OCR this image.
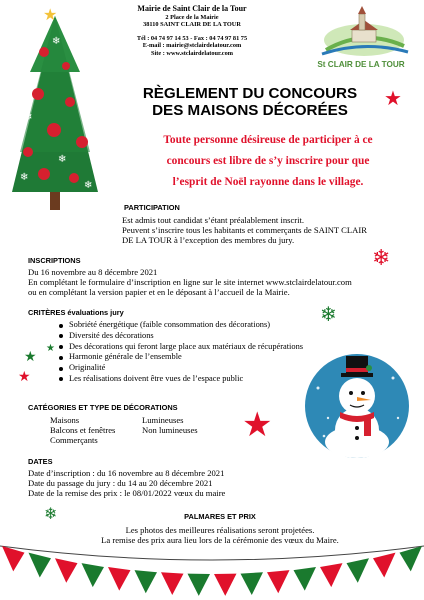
❄
❄
❄
❄
❄
❄
★	Mairie de Saint Clair de la Tour
2 Place de la Mairie
38110 SAINT CLAIR DE LA TOUR
Tél : 04 74 97 14 53 - Fax : 04 74 97 81 75
E-mail : mairie@stclairdelatour.com
Site : www.stclairdelatour.com
St CLAIR DE LA TOUR
RÈGLEMENT DU CONCOURS
DES MAISONS DÉCORÉES
★
Toute personne désireuse de participer à ce
concours est libre de s’y inscrire pour que
l’esprit de Noël rayonne dans le village.
PARTICIPATION
Est admis tout candidat s’étant préalablement inscrit.
Peuvent s’inscrire tous les habitants et commerçants de SAINT CLAIR
DE LA TOUR à l’exception des membres du jury.
❄
INSCRIPTIONS
Du 16 novembre au 8 décembre 2021
En complétant le formulaire d’inscription en ligne sur le site internet www.stclairdelatour.com
ou en complétant la version papier et en le déposant à l’accueil de la Mairie.
❄
CRITÈRES évaluations jury
Sobriété énergétique (faible consommation des décorations)
Diversité des décorations
Des décorations qui feront large place aux matériaux de récupérations
Harmonie générale de l’ensemble
Originalité
Les réalisations doivent être vues de l’espace public
★
★
★
CATÉGORIES ET TYPE DE DÉCORATIONS
Maisons
Balcons et fenêtres
Commerçants
Lumineuses
Non lumineuses ★
DATES
Date d’inscription : du 16 novembre au 8 décembre 2021
Date du passage du jury : du 14 au 20 décembre 2021
Date de la remise des prix : le 08/01/2022 vœux du maire
❄	PALMARES ET PRIX
Les photos des meilleures réalisations seront projetées.
La remise des prix aura lieu lors de la cérémonie des vœux du Maire.
